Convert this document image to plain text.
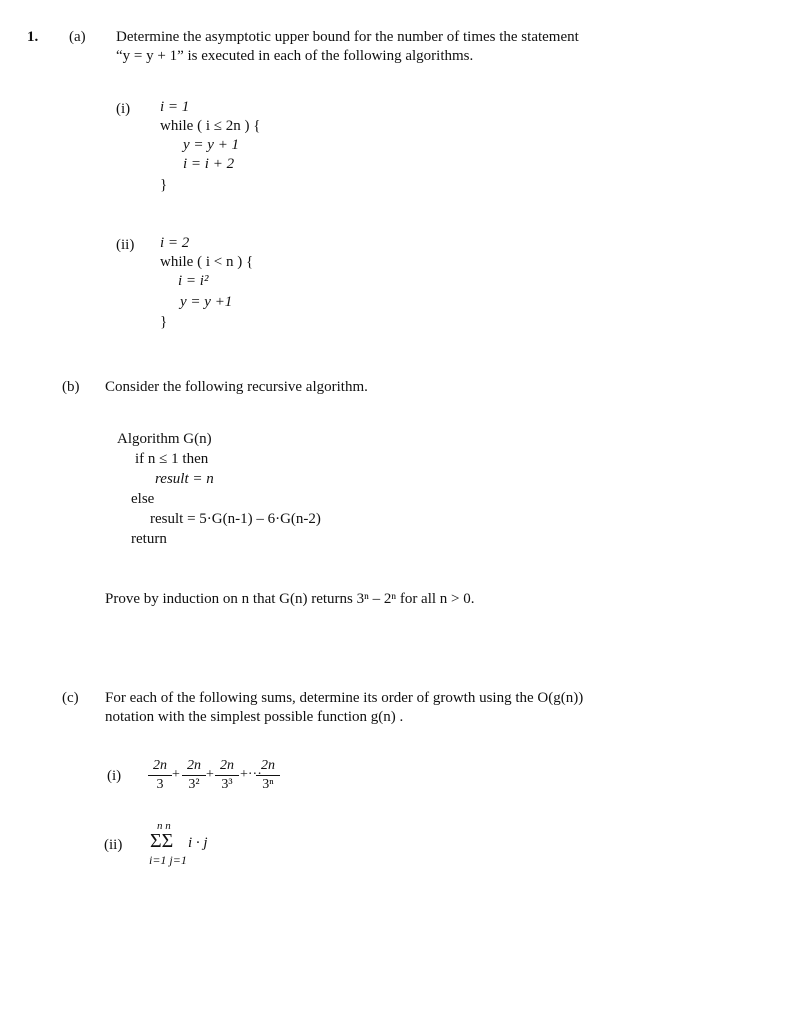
1. (a) Determine the asymptotic upper bound for the number of times the statement
“y = y + 1” is executed in each of the following algorithms.
(i) i = 1
while ( i ≤ 2n ) {
y = y + 1
i = i + 2
}
(ii) i = 2
while ( i < n ) {
i = i²
y = y +1
}
(b) Consider the following recursive algorithm.
Algorithm G(n)
if n ≤ 1 then
result = n
else
result = 5·G(n-1) – 6·G(n-2)
return
Prove by induction on n that G(n) returns 3ⁿ – 2ⁿ for all n > 0.
(c) For each of the following sums, determine its order of growth using the O(g(n))
notation with the simplest possible function g(n) .
(i)
2n
3
+
2n
3²
+
2n
3³
+···
2n
3ⁿ
(ii)
n n
ΣΣ i · j
i=1 j=1
